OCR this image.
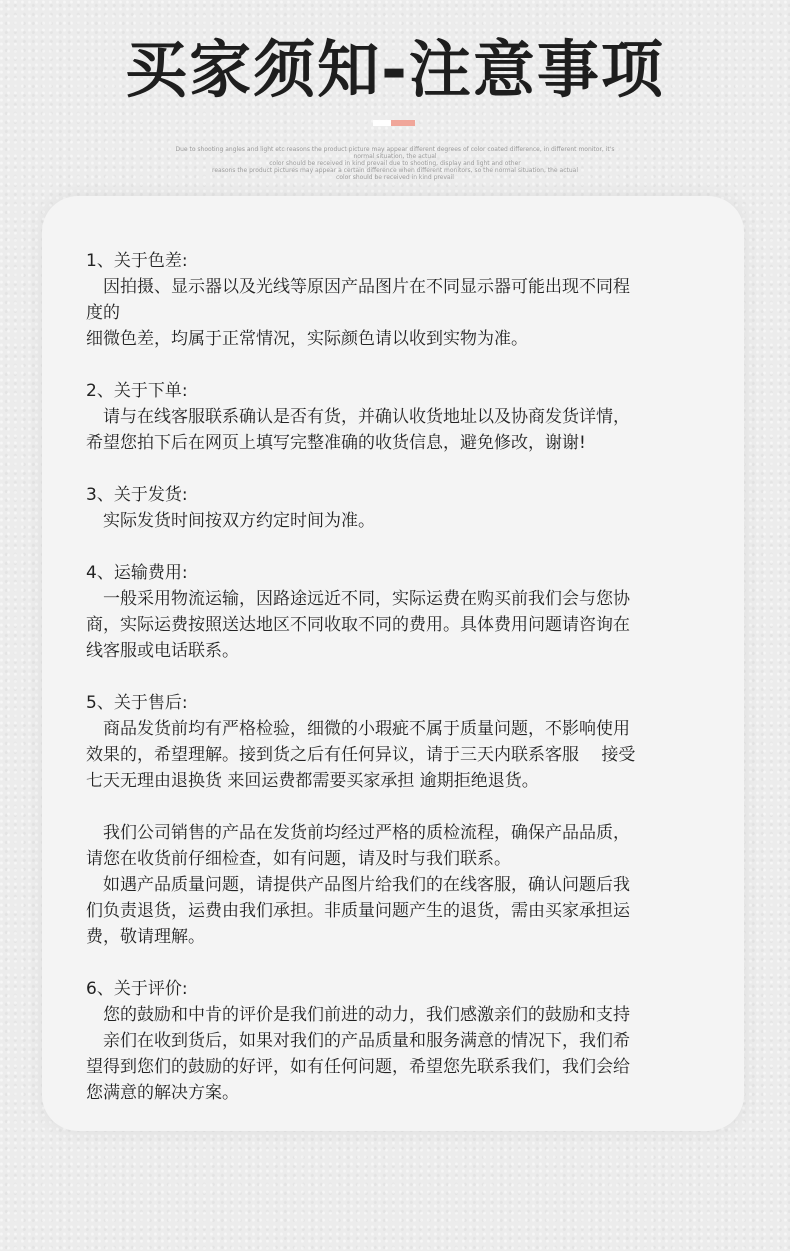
买家须知-注意事项
Due to shooting angles and light etc reasons the product picture may appear different degrees of color coated difference, in different monitor, it's normal situation, the actual
color should be received in kind prevail due to shooting, display and light and other
reasons the product pictures may appear a certain difference when different monitors, so the normal situation, the actual
color should be received in kind prevail

1、关于色差:

　因拍摄、显示器以及光线等原因产品图片在不同显示器可能出现不同程

度的

细微色差，均属于正常情况，实际颜色请以收到实物为准。

2、关于下单:

　请与在线客服联系确认是否有货，并确认收货地址以及协商发货详情，

希望您拍下后在网页上填写完整准确的收货信息，避免修改，谢谢!

3、关于发货:

　实际发货时间按双方约定时间为准。

4、运输费用:

　一般采用物流运输，因路途远近不同，实际运费在购买前我们会与您协

商，实际运费按照送达地区不同收取不同的费用。具体费用问题请咨询在

线客服或电话联系。

5、关于售后:

　商品发货前均有严格检验，细微的小瑕疵不属于质量问题，不影响使用

效果的，希望理解。接到货之后有任何异议，请于三天内联系客服　 接受

七天无理由退换货 来回运费都需要买家承担 逾期拒绝退货。

　我们公司销售的产品在发货前均经过严格的质检流程，确保产品品质，

请您在收货前仔细检查，如有问题，请及时与我们联系。

　如遇产品质量问题，请提供产品图片给我们的在线客服，确认问题后我

们负责退货，运费由我们承担。非质量问题产生的退货，需由买家承担运

费，敬请理解。

6、关于评价:

　您的鼓励和中肯的评价是我们前进的动力，我们感激亲们的鼓励和支持

　亲们在收到货后，如果对我们的产品质量和服务满意的情况下，我们希

望得到您们的鼓励的好评，如有任何问题，希望您先联系我们，我们会给

您满意的解决方案。
